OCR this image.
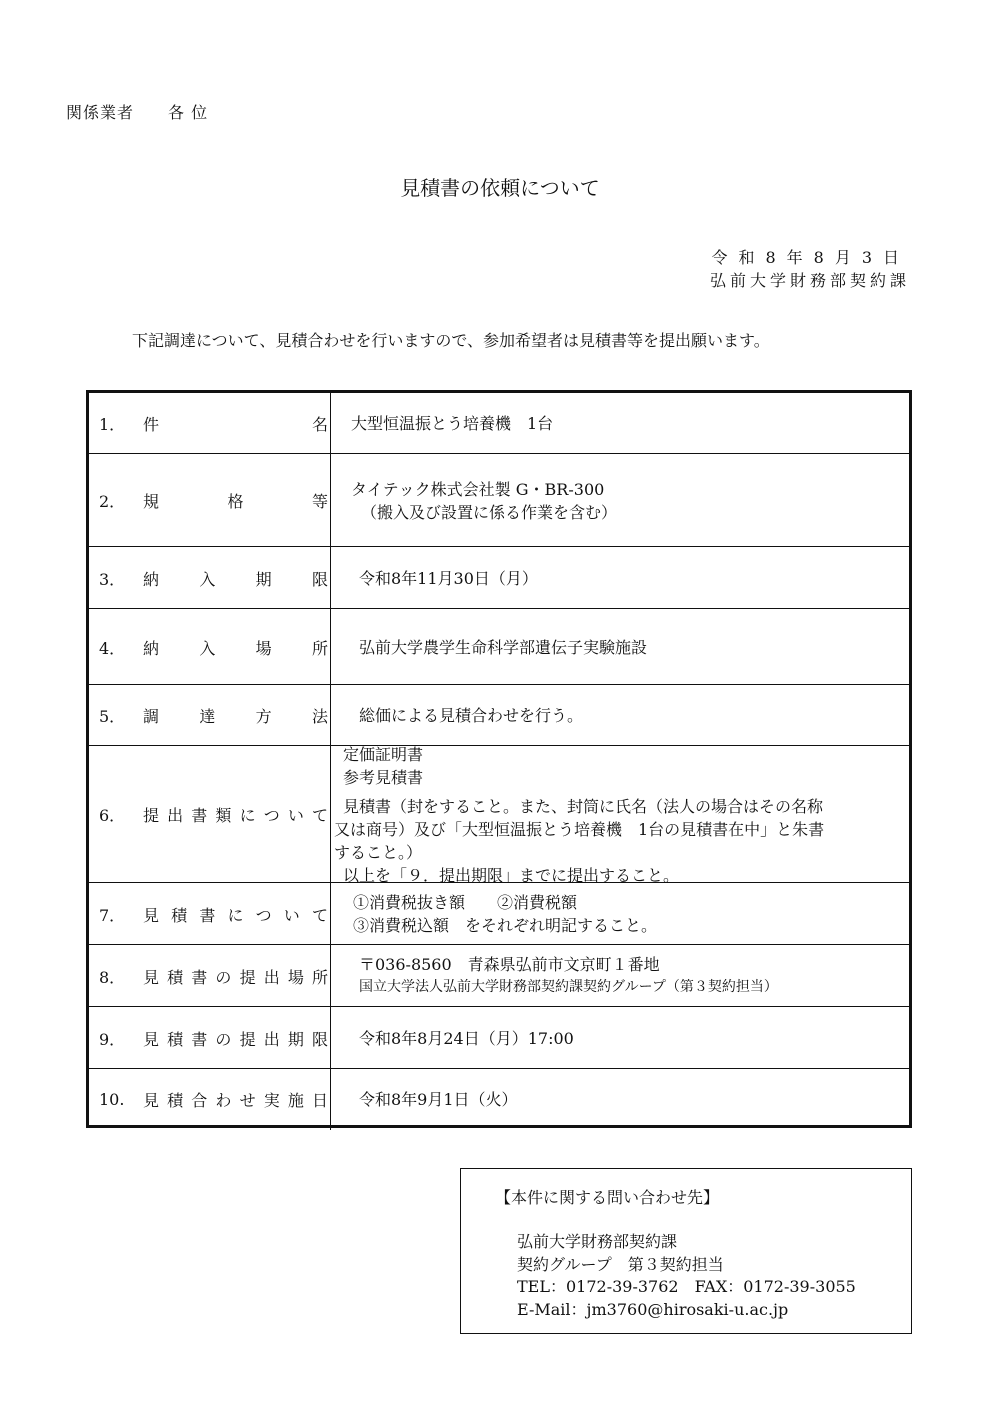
関係業者 各 位
見積書の依頼について
令和8年8月3日
弘前大学財務部契約課
下記調達について、見積合わせを行いますので、参加希望者は見積書等を提出願います。
1．	件	名 大型恒温振とう培養機　1台
2．	規	格	等
タイテック株式会社製 G・BR-300
（搬入及び設置に係る作業を含む）
3．	納	入	期	限 令和8年11月30日（月）
4．	納	入	場	所 弘前大学農学生命科学部遺伝子実験施設
5．	調	達	方	法 総価による見積合わせを行う。
6．	提 出 書 類 に つ い て
定価証明書
参考見積書
見積書（封をすること。また、封筒に氏名（法人の場合はその名称
又は商号）及び「大型恒温振とう培養機　1台の見積書在中」と朱書
すること。）
以上を「９．提出期限」までに提出すること。
7．	見 積 書 に つ い て
①消費税抜き額　　②消費税額
③消費税込額　をそれぞれ明記すること。
8．	見 積 書 の 提 出 場 所
〒036-8560　青森県弘前市文京町１番地
国立大学法人弘前大学財務部契約課契約グループ（第３契約担当）
9．	見 積 書 の 提 出 期 限 令和8年8月24日（月）17:00
10.	見 積 合 わ せ 実 施 日 令和8年9月1日（火）
【本件に関する問い合わせ先】
弘前大学財務部契約課
契約グループ　第３契約担当
TEL：0172-39-3762　FAX：0172-39-3055
E-Mail：jm3760@hirosaki-u.ac.jp
